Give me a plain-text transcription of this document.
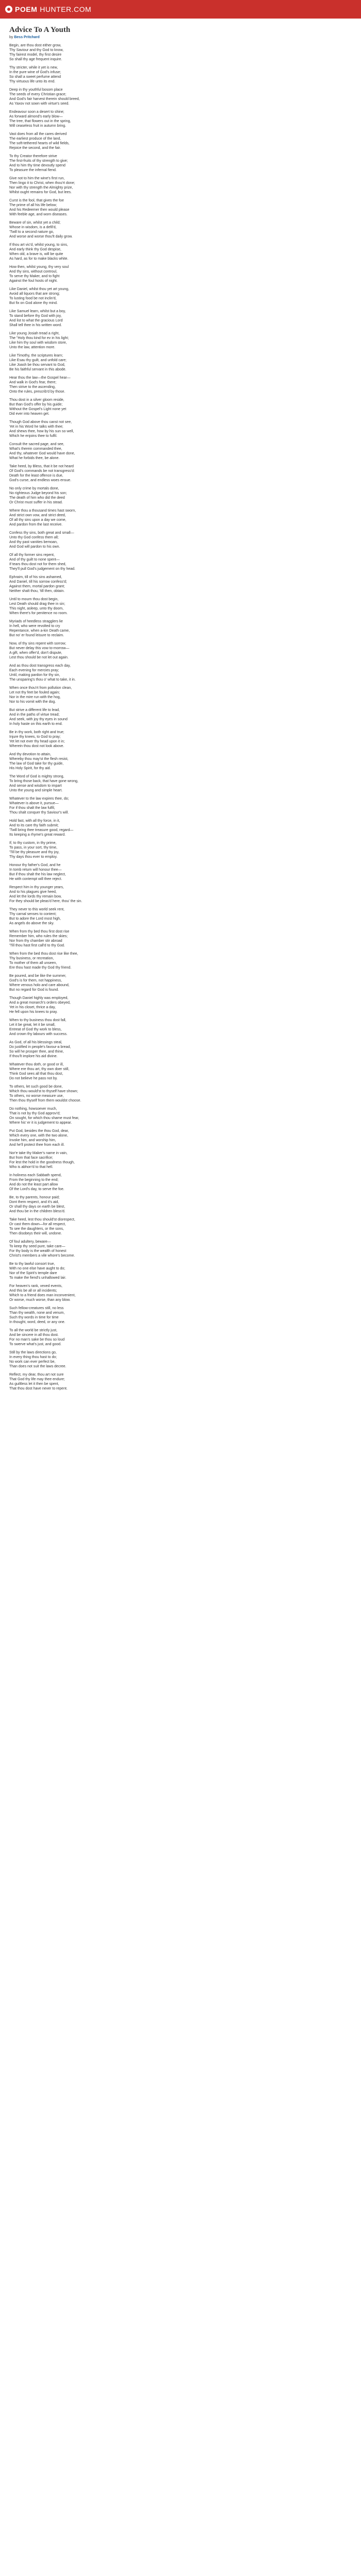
POEM HUNTER.COM
Advice To A Youth
by Bess Pritchard
Begin, are thou dost either grow,
Thy Saviour and thy God to know,
Thy fairest model, thy first desire
So shall thy age frequent inquire.
Thy stricter, while it yet is new,
In the pure wine of God's infuse;
So shall a sweet perfume attend
Thy virtuous life unto its end.
Deep in thy youthful bosom place
The seeds of every Christian grace;
And God's fair harvest therein should breed,
As Yaxov not sown with virtue's seed.
Endeavour soon a desert to shine;
As forward almond's early blow—
The tree, that flowers out in the spring,
Will ceaseless fruit in autumn bring.
Vast does from all the cares derived
The earliest produce of the land,
The soft-tethered hearts of wild fields,
Rejoice the second, and the fair.
To thy Creator therefore strive
The first-fruits of thy strength to give;
And to him thy time devoutly spend
To pleasure the infernal fiend.
Give not to him the wine's first run,
Then lingo it to Christ, when thou'rt done;
Nor with thy strength the Almighty prize,
Whilst ought remains for God, but lees.
Curst is the fool, that gives the foe
The prime of all his life below;
And his Redeemer then would please
With feeble age, and worn diseases.
Beware of sin, whilst yet a child;
Whose in wisdom, is a defil'd,
'Twill to a second nature go,
And worse and worse thou'lt daily grow.
If thou art vic'd, whilst young, to sins,
And early think thy God despise,
When old, a brave is, will be quite
As hard, as for to make blacks white.
How then, whilst young, thy very soul
And thy sins, without controul,
To serve thy Maker, and to fight
Against the foul hosts of night.
Like Daniel, whilst thou yet art young,
Avoid all liquors that are strong;
To lusting food be not inclin'd,
But fix on God alone thy mind.
Like Samuel learn, whilst but a boy,
To stand before thy God with joy,
And list to what the gracious Lord
Shall tell thee in his written word.
Like young Josiah tread a right,
The "Holy thou kind for ev in his light;
Like him thy soul with wisdom store,
Unto the law, attention more.
Like Timothy, the scriptures learn;
Like Esau thy guilt, and unfold care;
Like Joash be thou servant to God,
Be his faithful servant in this abode.
Hear thou the law—the Gospel hear—
And walk in God's fear, there;
Then strive to the ascending,
Onto the rules, prescrib'd by those.
Thou dost in a silver gloom reside,
But than God's offer by his guide;
Without the Gospel's Light none yet
Did ever into heaven get.
Though God above thou canst not see,
Yet in his Word he talks with thee;
And shews thee, how by his sun so well,
Which he enjoins thee to fulfil.
Consult the sacred page, and see,
What's therein commanded thee,
And thy, whatever God would have done,
What he forbids thee, be alone.
Take heed, by Bless, that it be not heard
Of God's commands be not transgress'd:
Death for the least offence is due,
God's curse, and endless woes ensue.
No only crime by mortals done,
No righteous Judge beyond his son;
The death of him who did the deed
Or Christ must suffer in his stead.
Where thou a thousand times hast sworn,
And strict own vow, and strict deed,
Of all thy sins upon a day we come,
And pardon from the last receive.
Confess thy sins, both great and small—
Unto thy God confess them all;
And thy past vanities bemoan,
And God will pardon to his own.
Of all thy former sins repent,
And of thy guilt to none spent—
If tears thou dost not for them shed,
They'll pull God's judgement on thy head.
Ephraim, till of his sins ashamed,
And Daniel, till his sorrow confess'd;
Against them, mortal pardon grant;
Neither shalt thou, 'till then, obtain.
Until to mourn thou dost begin,
Lest Death should drag thee in sin;
This night, asleep, unto thy doom,
When there's for penitence no room.
Myriads of heedless stragglers lie
In hell, who were revolted to cry
Repentance, when a-kin Death came,
But no' er found leisure to reclaim.
Now, of thy sins repent with sorrow;
But never delay this vow to-morrow—
A gift, when offer'd, don't dispute,
Lest thou should be not let out again.
And as thou dost transgress each day,
Each evening for mercies pray;
Until, making pardon for thy sin,
The unsparing's thou o' what to take, it in.
When once thou'rt from pollution clean,
Let not thy feet be fouled again;
Nor in the mire run with the hog,
Nor to his vomit with the dog.
But strive a different life to lead,
And in the paths of virtue tread;
And seek, with joy thy eyes in sound
In holy haste on this earth to end.
Be in thy work, both right and true;
Injure thy knees, to God to pray;
Yet let not ever thy head upon it in;
Wherein thou dost not look above.
And thy devotion to attain,
Whereby thou may'st the flesh resist,
The law of God take for thy guide,
His Holy Spirit, for thy aid.
The Word of God is mighty strong,
To bring those back, that have gone wrong,
And sense and wisdom to impart
Unto the young and simple heart.
Whatever to the law expires thee, do;
Whatever is above it, pursue—
For if thou shalt the law fulfil,
Thou shalt conquer thy Saviour's will.
Hold fast, with all thy force, in it,
And to its care thy faith submit;
'Twill bring thee treasure good, regard—
Its keeping a rhyme's great reward.
If, to thy custom, in thy prime,
To pass, in your sort, thy time,
'Till be thy pleasure and thy joy,
Thy days thou ever to employ.
Honour thy father's God, and he
In tomb return will honour thee—
But if thou shalt the his law neglect,
He with contempt will thee reject.
Respect him in thy younger years,
And to his plagues give heed,
And let the lords thy remain bow,
For they should be pleas'd here, thou' the sin.
They never to this world seek rent,
Thy carnal senses to content;
But to adore the Lord most high,
As angels do above the sky.
When from thy bed thou first dost rise
Remember him, who rules the skies;
Nor from thy chamber stir abroad
'Till thou hast first call'd to thy God.
When from the bed thou dost rise like thee,
Thy business, or recreation,
To mother of them all unseen,
Ere thou hast made thy God thy friend.
Be poured, and be like the summer,
God's is for them, not happiness,
Where venous holo and care abound,
But no regard for God is found.
Though Daniel highly was employed,
And a great monarch's orders obeyed,
Yet in his closet, thrice a day,
He fell upon his knees to pray.
When to thy business thou dost fall,
Let it be great, let it be small,
Entreat of God thy work to bless,
And crown thy labours with success.
As God, of all his blessings steal,
Do justified in people's favour-a bread,
So will he prosper thee, and thine,
If thou'lt implore his aid divine.
Whatever thou doth, or good or ill,
Where ere thou art, thy own doer still,
Think God sees all that thou dost,
Do not believe he pass not by.
To others, let such good be done,
Which thou would'st to thyself have shown;
To others, no worse measure use,
Then thou thyself from them wouldst choose.
Do nothing, howsoever much,
That is not by thy God approv'd;
On sought, for which thou shame must fear,
Where his' er it is judgement to appear.
Put God, besides the thou God, dear,
Which every one, with the two alone,
Invoke him, and worship him,
And he'll protect thee from each ill.
Nor'e take thy Maker's name in vain,
But from that face sacrifice;
For lest the hold in the goodness though,
Who is abhorr'd to that hell.
In holiness each Sabbath spend,
From the beginning to the end;
And do not the least part allow
Of the Lord's day, to serve the foe.
Be, to thy parents, honour paid;
Dont them respect, and it's aid,
Or shall thy days on earth be blest,
And thou be in the children bless'd.
Take heed, lest thou should'st disrespect,
Or cast them down—for all respect,
To see the daughters, or the sons,
Then disobeys their will, undone.
Of foul adultery, beware—
To keep thy seed pure, take care—
For thy body is the wealth of honest
Christ's members a vile whore's become.
Be to thy lawful consort true,
With no one else have aught to do;
Nor of the Spirit's temple dare
To make the fiend's unhallowed lair.
For heaven's rank, vexed events,
And this be all or all incidents;
Which to a friend does man inconvenient,
Or worse, much worse, than any blow.
Such fellow-creatures still, no less
Than thy wealth, none and venum,
Such thy words in time for time
In thought, word, deed, or any one.
To all the world be strictly just,
And be sincere in all thou dost.
For no man's sake be thou so loud
To swerve what's just, and good.
Still by the laws directions go,
In every thing thou hast to do;
No work can ever perfect be,
Than does not suit the laws decree.
Reflect, my dear, thou art not sure
That God thy life may thee endure;
As guiltless let it then be spent,
That thou dost have never to repent.
